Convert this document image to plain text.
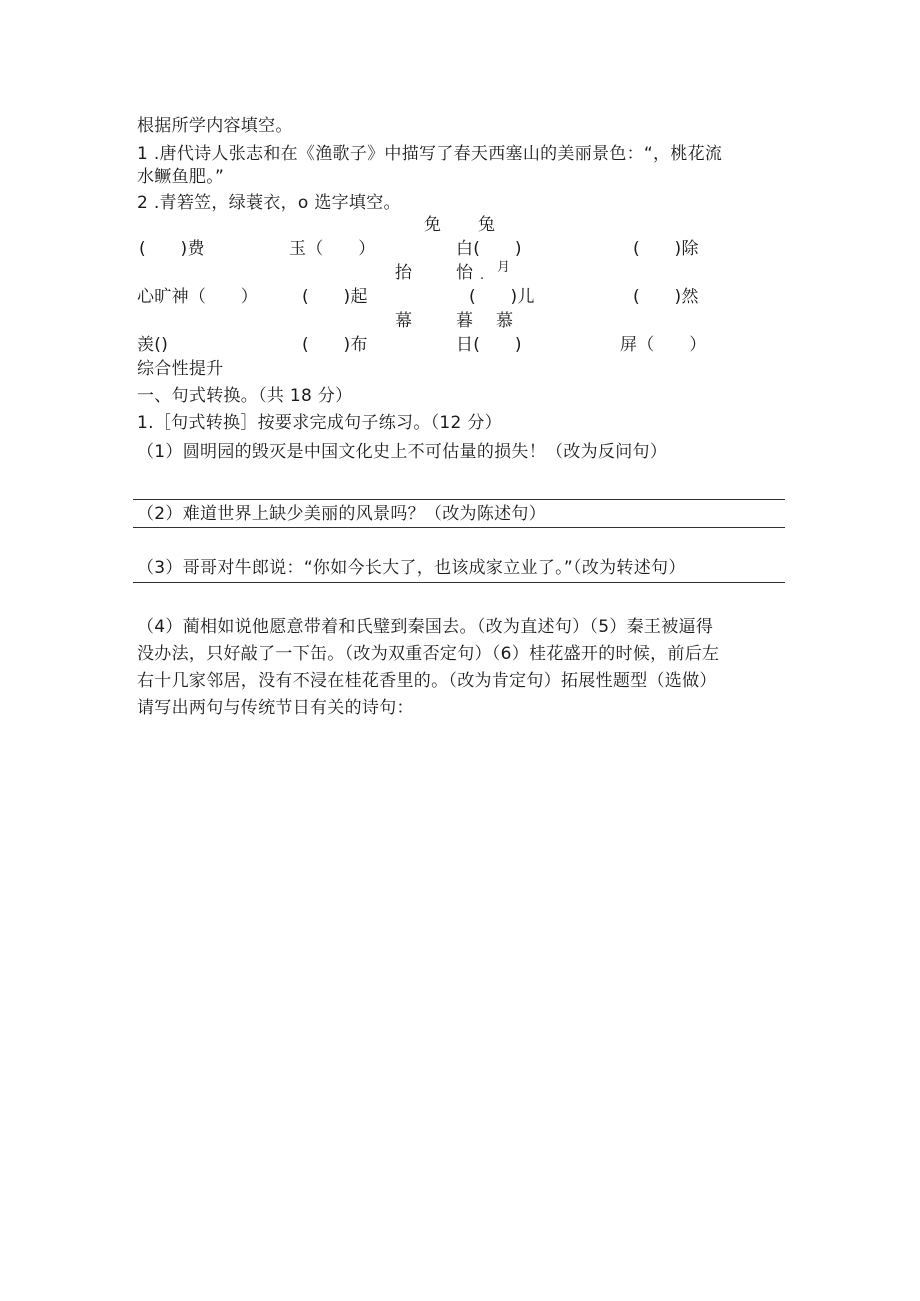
根据所学内容填空。
1 .唐代诗人张志和在《渔歌子》中描写了春天西塞山的美丽景色：“，桃花流
水鳜鱼肥。”
2 .青箬笠，绿蓑衣，o 选字填空。
免 兔
(　　)费	玉（　　）	白(　　)	(　　)除
抬	怡 月
·
心旷神（　　）	(　　)起	(　　)儿	(　　)然
幕	暮 慕
羡()	(　　)布	日(　　)	屏（　　）
综合性提升
一、句式转换。（共 18 分）
1.［句式转换］按要求完成句子练习。（12 分）
（1）圆明园的毁灭是中国文化史上不可估量的损失！（改为反问句）
（2）难道世界上缺少美丽的风景吗？（改为陈述句）
（3）哥哥对牛郎说：“你如今长大了，也该成家立业了。”（改为转述句）
（4）蔺相如说他愿意带着和氏璧到秦国去。（改为直述句）（5）秦王被逼得
没办法，只好敲了一下缶。（改为双重否定句）（6）桂花盛开的时候，前后左
右十几家邻居，没有不浸在桂花香里的。（改为肯定句）拓展性题型（选做）
请写出两句与传统节日有关的诗句：
